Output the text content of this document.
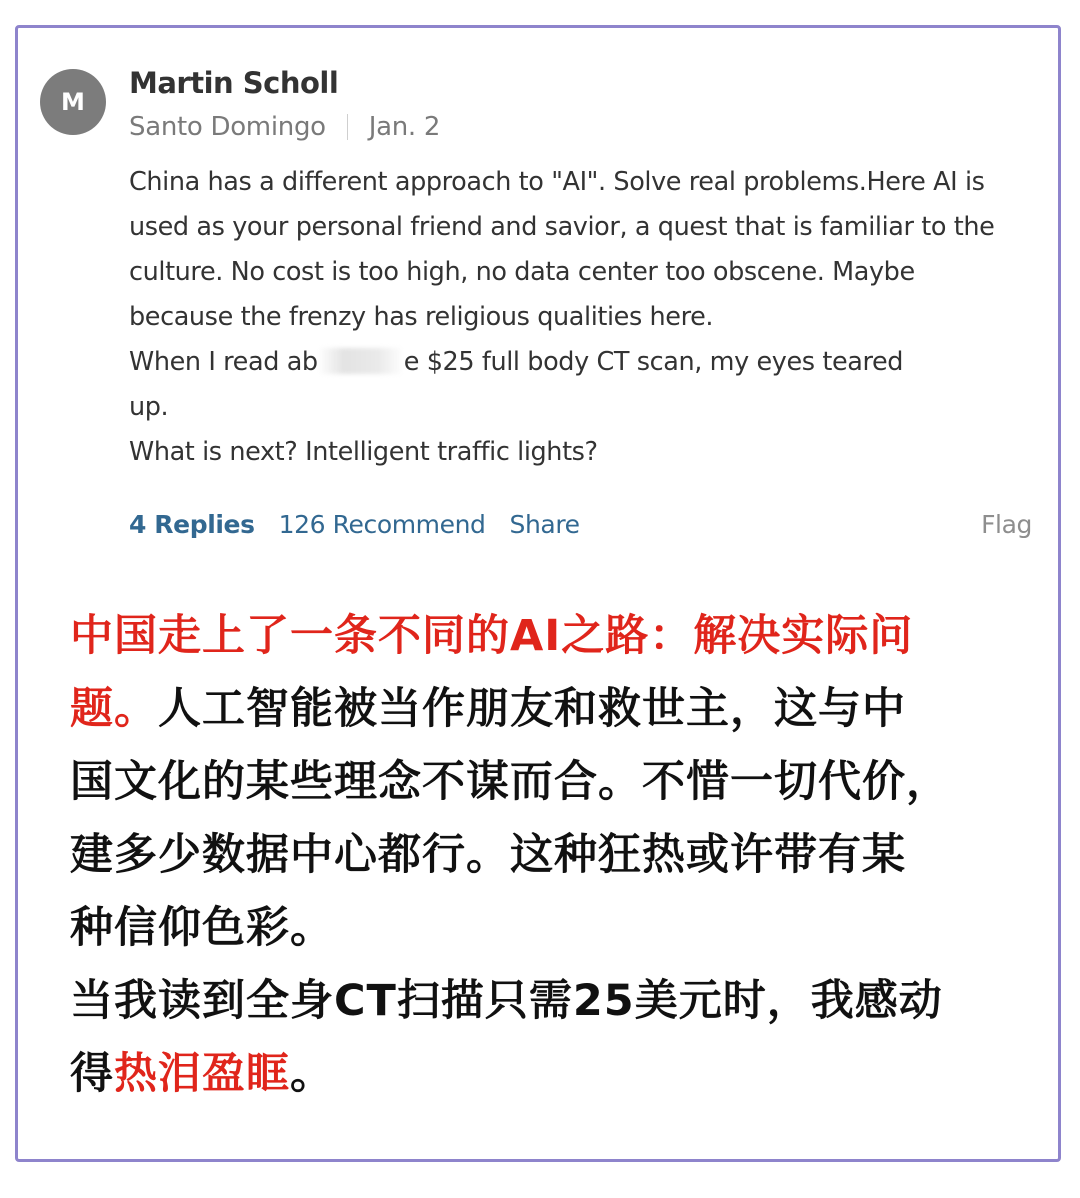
M
Martin Scholl
Santo Domingo Jan. 2

China has a different approach to "AI". Solve real problems.Here AI is

used as your personal friend and savior, a quest that is familiar to the

culture. No cost is too high, no data center too obscene. Maybe

because the frenzy has religious qualities here.

When I read ab	e $25 full body CT scan, my eyes teared

up.

What is next? Intelligent traffic lights?

4 Replies 126 Recommend Share	Flag
中国走上了一条不同的AI之路：解决实际问
题。人工智能被当作朋友和救世主，这与中
国文化的某些理念不谋而合。不惜一切代价，
建多少数据中心都行。这种狂热或许带有某
种信仰色彩。
当我读到全身CT扫描只需25美元时，我感动
得热泪盈眶。
